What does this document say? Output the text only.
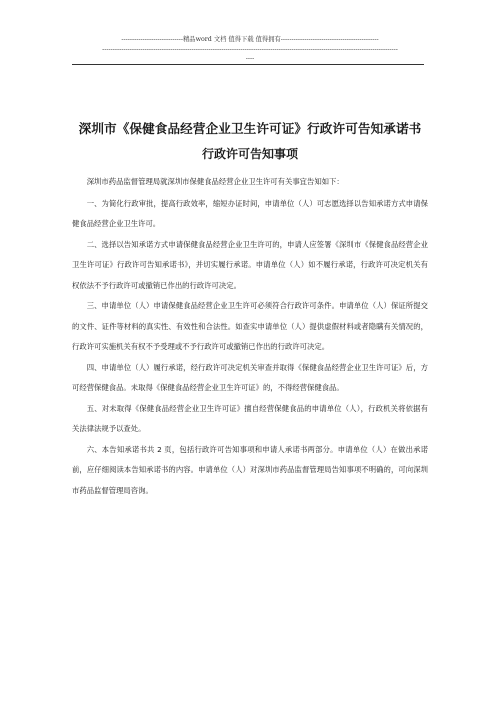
-----------------------------精品word 文档 值得下载 值得拥有----------------------------------------------
-------------------------------------------------------------------------------------------------------------------------------------------
----
深圳市《保健食品经营企业卫生许可证》行政许可告知承诺书
行政许可告知事项

深圳市药品监督管理局就深圳市保健食品经营企业卫生许可有关事宜告知如下：

一、为简化行政审批，提高行政效率，缩短办证时间，申请单位（人）可志愿选择以告知承诺方式申请保健食品经营企业卫生许可。

二、选择以告知承诺方式申请保健食品经营企业卫生许可的，申请人应签署《深圳市《保健食品经营企业卫生许可证》行政许可告知承诺书》，并切实履行承诺。申请单位（人）如不履行承诺，行政许可决定机关有权依法不予行政许可或撤销已作出的行政许可决定。

三、申请单位（人）申请保健食品经营企业卫生许可必须符合行政许可条件。申请单位（人）保证所提交的文件、证件等材料的真实性、有效性和合法性。如查实申请单位（人）提供虚假材料或者隐瞒有关情况的，行政许可实施机关有权不予受理或不予行政许可或撤销已作出的行政许可决定。

四、申请单位（人）履行承诺，经行政许可决定机关审查并取得《保健食品经营企业卫生许可证》后，方可经营保健食品。未取得《保健食品经营企业卫生许可证》的，不得经营保健食品。

五、对未取得《保健食品经营企业卫生许可证》擅自经营保健食品的申请单位（人），行政机关将依据有关法律法规予以查处。

六、本告知承诺书共 2 页，包括行政许可告知事项和申请人承诺书两部分。申请单位（人）在做出承诺前，应仔细阅读本告知承诺书的内容。申请单位（人）对深圳市药品监督管理局告知事项不明确的，可向深圳市药品监督管理局咨询。
